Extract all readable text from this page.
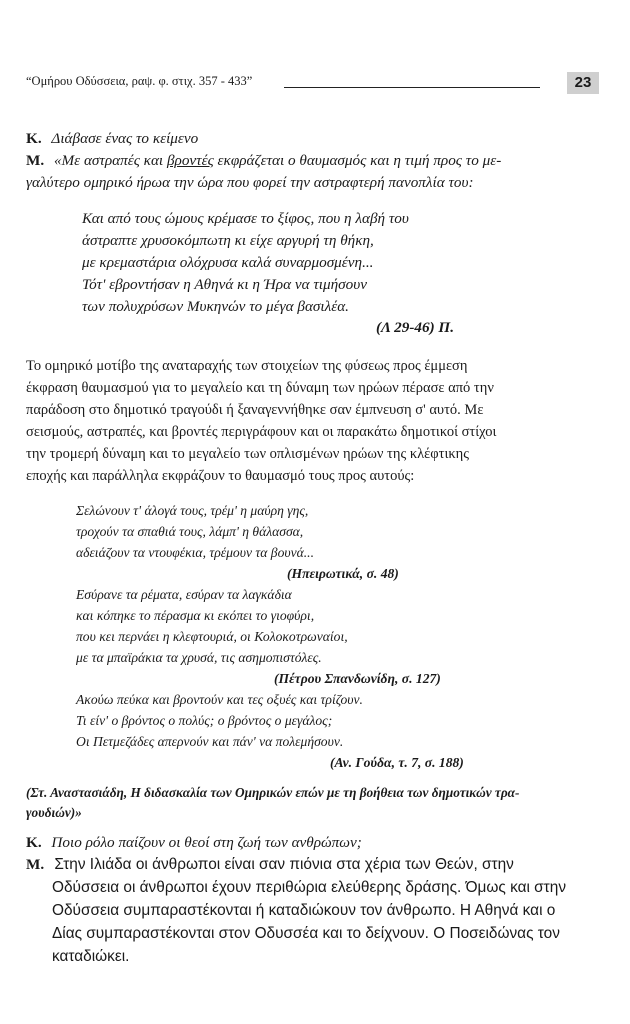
“Ομήρου Οδύσσεια, ραψ. φ. στιχ. 357 - 433”	23
Κ. Διάβασε ένας το κείμενο
Μ. «Με αστραπές και βροντές εκφράζεται ο θαυμασμός και η τιμή προς το με-
γαλύτερο ομηρικό ήρωα την ώρα που φορεί την αστραφτερή πανοπλία του:
Και από τους ώμους κρέμασε το ξίφος, που η λαβή του
άστραπτε χρυσοκόμπωτη κι είχε αργυρή τη θήκη,
με κρεμαστάρια ολόχρυσα καλά συναρμοσμένη...
Τότ' εβροντήσαν η Αθηνά κι η Ήρα να τιμήσουν
των πολυχρύσων Μυκηνών το μέγα βασιλέα.
(Λ 29-46) Π.
Το ομηρικό μοτίβο της αναταραχής των στοιχείων της φύσεως προς έμμεση
έκφραση θαυμασμού για το μεγαλείο και τη δύναμη των ηρώων πέρασε από την
παράδοση στο δημοτικό τραγούδι ή ξαναγεννήθηκε σαν έμπνευση σ' αυτό. Με
σεισμούς, αστραπές, και βροντές περιγράφουν και οι παρακάτω δημοτικοί στίχοι
την τρομερή δύναμη και το μεγαλείο των οπλισμένων ηρώων της κλέφτικης
εποχής και παράλληλα εκφράζουν το θαυμασμό τους προς αυτούς:
Σελώνουν τ' άλογά τους, τρέμ' η μαύρη γης,
τροχούν τα σπαθιά τους, λάμπ' η θάλασσα,
αδειάζουν τα ντουφέκια, τρέμουν τα βουνά...
(Ηπειρωτικά, σ. 48)
Εσύρανε τα ρέματα, εσύραν τα λαγκάδια
και κόπηκε το πέρασμα κι εκόπει το γιοφύρι,
που κει περνάει η κλεφτουριά, οι Κολοκοτρωναίοι,
με τα μπαϊράκια τα χρυσά, τις ασημοπιστόλες.
(Πέτρου Σπανδωνίδη, σ. 127)
Ακούω πεύκα και βροντούν και τες οξυές και τρίζουν.
Τι είν' ο βρόντος ο πολύς; ο βρόντος ο μεγάλος;
Οι Πετμεζάδες απερνούν και πάν' να πολεμήσουν.
(Αν. Γούδα, τ. 7, σ. 188)
(Στ. Αναστασιάδη, Η διδασκαλία των Ομηρικών επών με τη βοήθεια των δημοτικών τρα-
γουδιών)»
Κ. Ποιο ρόλο παίζουν οι θεοί στη ζωή των ανθρώπων;
Μ. Στην Ιλιάδα οι άνθρωποι είναι σαν πιόνια στα χέρια των Θεών, στην
Οδύσσεια οι άνθρωποι έχουν περιθώρια ελεύθερης δράσης. Όμως και στην
Οδύσσεια συμπαραστέκονται ή καταδιώκουν τον άνθρωπο. Η Αθηνά και ο
Δίας συμπαραστέκονται στον Οδυσσέα και το δείχνουν. Ο Ποσειδώνας τον
καταδιώκει.
